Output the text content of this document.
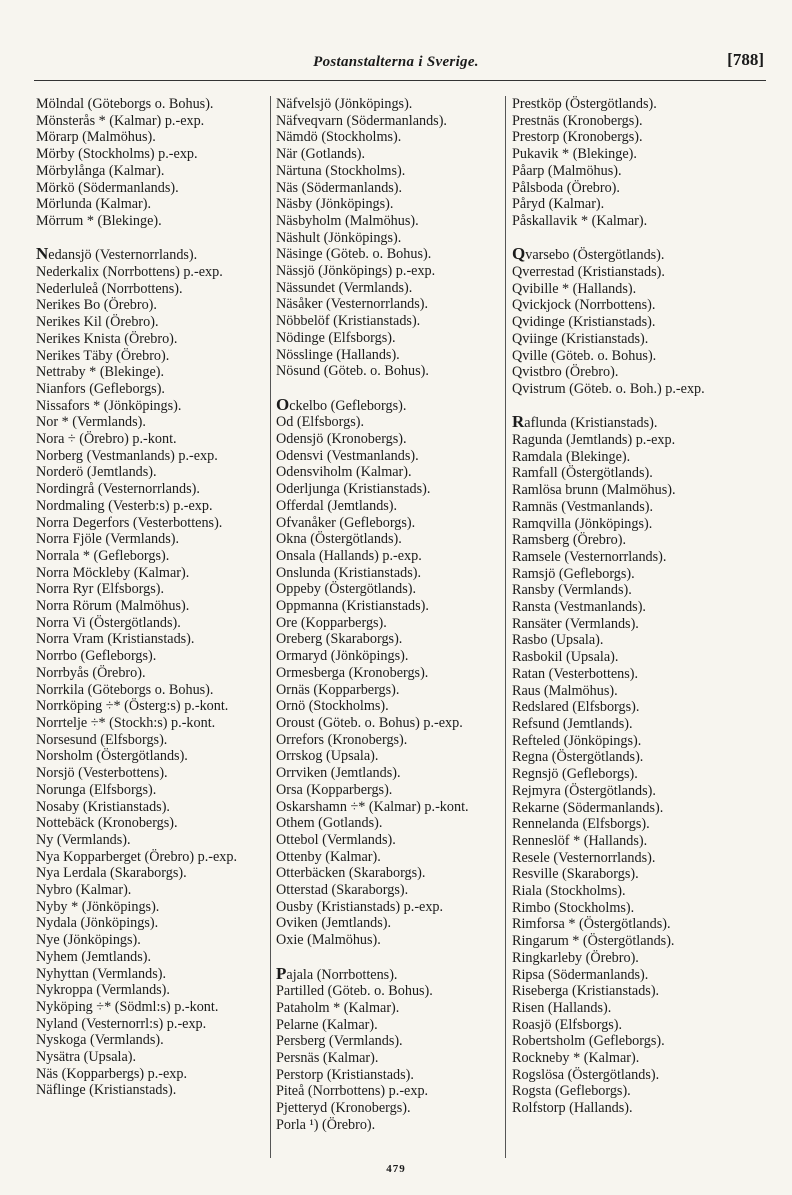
Postanstalterna i Sverige.	[788]
Mölndal (Göteborgs o. Bohus).
Mönsterås * (Kalmar) p.-exp.
Mörarp (Malmöhus).
Mörby (Stockholms) p.-exp.
Mörbylånga (Kalmar).
Mörkö (Södermanlands).
Mörlunda (Kalmar).
Mörrum * (Blekinge).
Nedansjö (Vesternorrlands).
Nederkalix (Norrbottens) p.-exp.
Nederluleå (Norrbottens).
Nerikes Bo (Örebro).
Nerikes Kil (Örebro).
Nerikes Knista (Örebro).
Nerikes Täby (Örebro).
Nettraby * (Blekinge).
Nianfors (Gefleborgs).
Nissafors * (Jönköpings).
Nor * (Vermlands).
Nora ÷ (Örebro) p.-kont.
Norberg (Vestmanlands) p.-exp.
Norderö (Jemtlands).
Nordingrå (Vesternorrlands).
Nordmaling (Vesterb:s) p.-exp.
Norra Degerfors (Vesterbottens).
Norra Fjöle (Vermlands).
Norrala * (Gefleborgs).
Norra Möckleby (Kalmar).
Norra Ryr (Elfsborgs).
Norra Rörum (Malmöhus).
Norra Vi (Östergötlands).
Norra Vram (Kristianstads).
Norrbo (Gefleborgs).
Norrbyås (Örebro).
Norrkila (Göteborgs o. Bohus).
Norrköping ÷* (Österg:s) p.-kont.
Norrtelje ÷* (Stockh:s) p.-kont.
Norsesund (Elfsborgs).
Norsholm (Östergötlands).
Norsjö (Vesterbottens).
Norunga (Elfsborgs).
Nosaby (Kristianstads).
Nottebäck (Kronobergs).
Ny (Vermlands).
Nya Kopparberget (Örebro) p.-exp.
Nya Lerdala (Skaraborgs).
Nybro (Kalmar).
Nyby * (Jönköpings).
Nydala (Jönköpings).
Nye (Jönköpings).
Nyhem (Jemtlands).
Nyhyttan (Vermlands).
Nykroppa (Vermlands).
Nyköping ÷* (Södml:s) p.-kont.
Nyland (Vesternorrl:s) p.-exp.
Nyskoga (Vermlands).
Nysätra (Upsala).
Näs (Kopparbergs) p.-exp.
Näflinge (Kristianstads).
Näfvelsjö (Jönköpings).
Näfveqvarn (Södermanlands).
Nämdö (Stockholms).
När (Gotlands).
Närtuna (Stockholms).
Näs (Södermanlands).
Näsby (Jönköpings).
Näsbyholm (Malmöhus).
Näshult (Jönköpings).
Näsinge (Göteb. o. Bohus).
Nässjö (Jönköpings) p.-exp.
Nässundet (Vermlands).
Näsåker (Vesternorrlands).
Nöbbelöf (Kristianstads).
Nödinge (Elfsborgs).
Nösslinge (Hallands).
Nösund (Göteb. o. Bohus).
Ockelbo (Gefleborgs).
Od (Elfsborgs).
Odensjö (Kronobergs).
Odensvi (Vestmanlands).
Odensviholm (Kalmar).
Oderljunga (Kristianstads).
Offerdal (Jemtlands).
Ofvanåker (Gefleborgs).
Okna (Östergötlands).
Onsala (Hallands) p.-exp.
Onslunda (Kristianstads).
Oppeby (Östergötlands).
Oppmanna (Kristianstads).
Ore (Kopparbergs).
Oreberg (Skaraborgs).
Ormaryd (Jönköpings).
Ormesberga (Kronobergs).
Ornäs (Kopparbergs).
Ornö (Stockholms).
Oroust (Göteb. o. Bohus) p.-exp.
Orrefors (Kronobergs).
Orrskog (Upsala).
Orrviken (Jemtlands).
Orsa (Kopparbergs).
Oskarshamn ÷* (Kalmar) p.-kont.
Othem (Gotlands).
Ottebol (Vermlands).
Ottenby (Kalmar).
Otterbäcken (Skaraborgs).
Otterstad (Skaraborgs).
Ousby (Kristianstads) p.-exp.
Oviken (Jemtlands).
Oxie (Malmöhus).
Pajala (Norrbottens).
Partilled (Göteb. o. Bohus).
Pataholm * (Kalmar).
Pelarne (Kalmar).
Persberg (Vermlands).
Persnäs (Kalmar).
Perstorp (Kristianstads).
Piteå (Norrbottens) p.-exp.
Pjetteryd (Kronobergs).
Porla ¹) (Örebro).
Prestköp (Östergötlands).
Prestnäs (Kronobergs).
Prestorp (Kronobergs).
Pukavik * (Blekinge).
Påarp (Malmöhus).
Pålsboda (Örebro).
Påryd (Kalmar).
Påskallavik * (Kalmar).
Qvarsebo (Östergötlands).
Qverrestad (Kristianstads).
Qvibille * (Hallands).
Qvickjock (Norrbottens).
Qvidinge (Kristianstads).
Qviinge (Kristianstads).
Qville (Göteb. o. Bohus).
Qvistbro (Örebro).
Qvistrum (Göteb. o. Boh.) p.-exp.
Raflunda (Kristianstads).
Ragunda (Jemtlands) p.-exp.
Ramdala (Blekinge).
Ramfall (Östergötlands).
Ramlösa brunn (Malmöhus).
Ramnäs (Vestmanlands).
Ramqvilla (Jönköpings).
Ramsberg (Örebro).
Ramsele (Vesternorrlands).
Ramsjö (Gefleborgs).
Ransby (Vermlands).
Ransta (Vestmanlands).
Ransäter (Vermlands).
Rasbo (Upsala).
Rasbokil (Upsala).
Ratan (Vesterbottens).
Raus (Malmöhus).
Redslared (Elfsborgs).
Refsund (Jemtlands).
Refteled (Jönköpings).
Regna (Östergötlands).
Regnsjö (Gefleborgs).
Rejmyra (Östergötlands).
Rekarne (Södermanlands).
Rennelanda (Elfsborgs).
Renneslöf * (Hallands).
Resele (Vesternorrlands).
Resville (Skaraborgs).
Riala (Stockholms).
Rimbo (Stockholms).
Rimforsa * (Östergötlands).
Ringarum * (Östergötlands).
Ringkarleby (Örebro).
Ripsa (Södermanlands).
Riseberga (Kristianstads).
Risen (Hallands).
Roasjö (Elfsborgs).
Robertsholm (Gefleborgs).
Rockneby * (Kalmar).
Rogslösa (Östergötlands).
Rogsta (Gefleborgs).
Rolfstorp (Hallands).
479
